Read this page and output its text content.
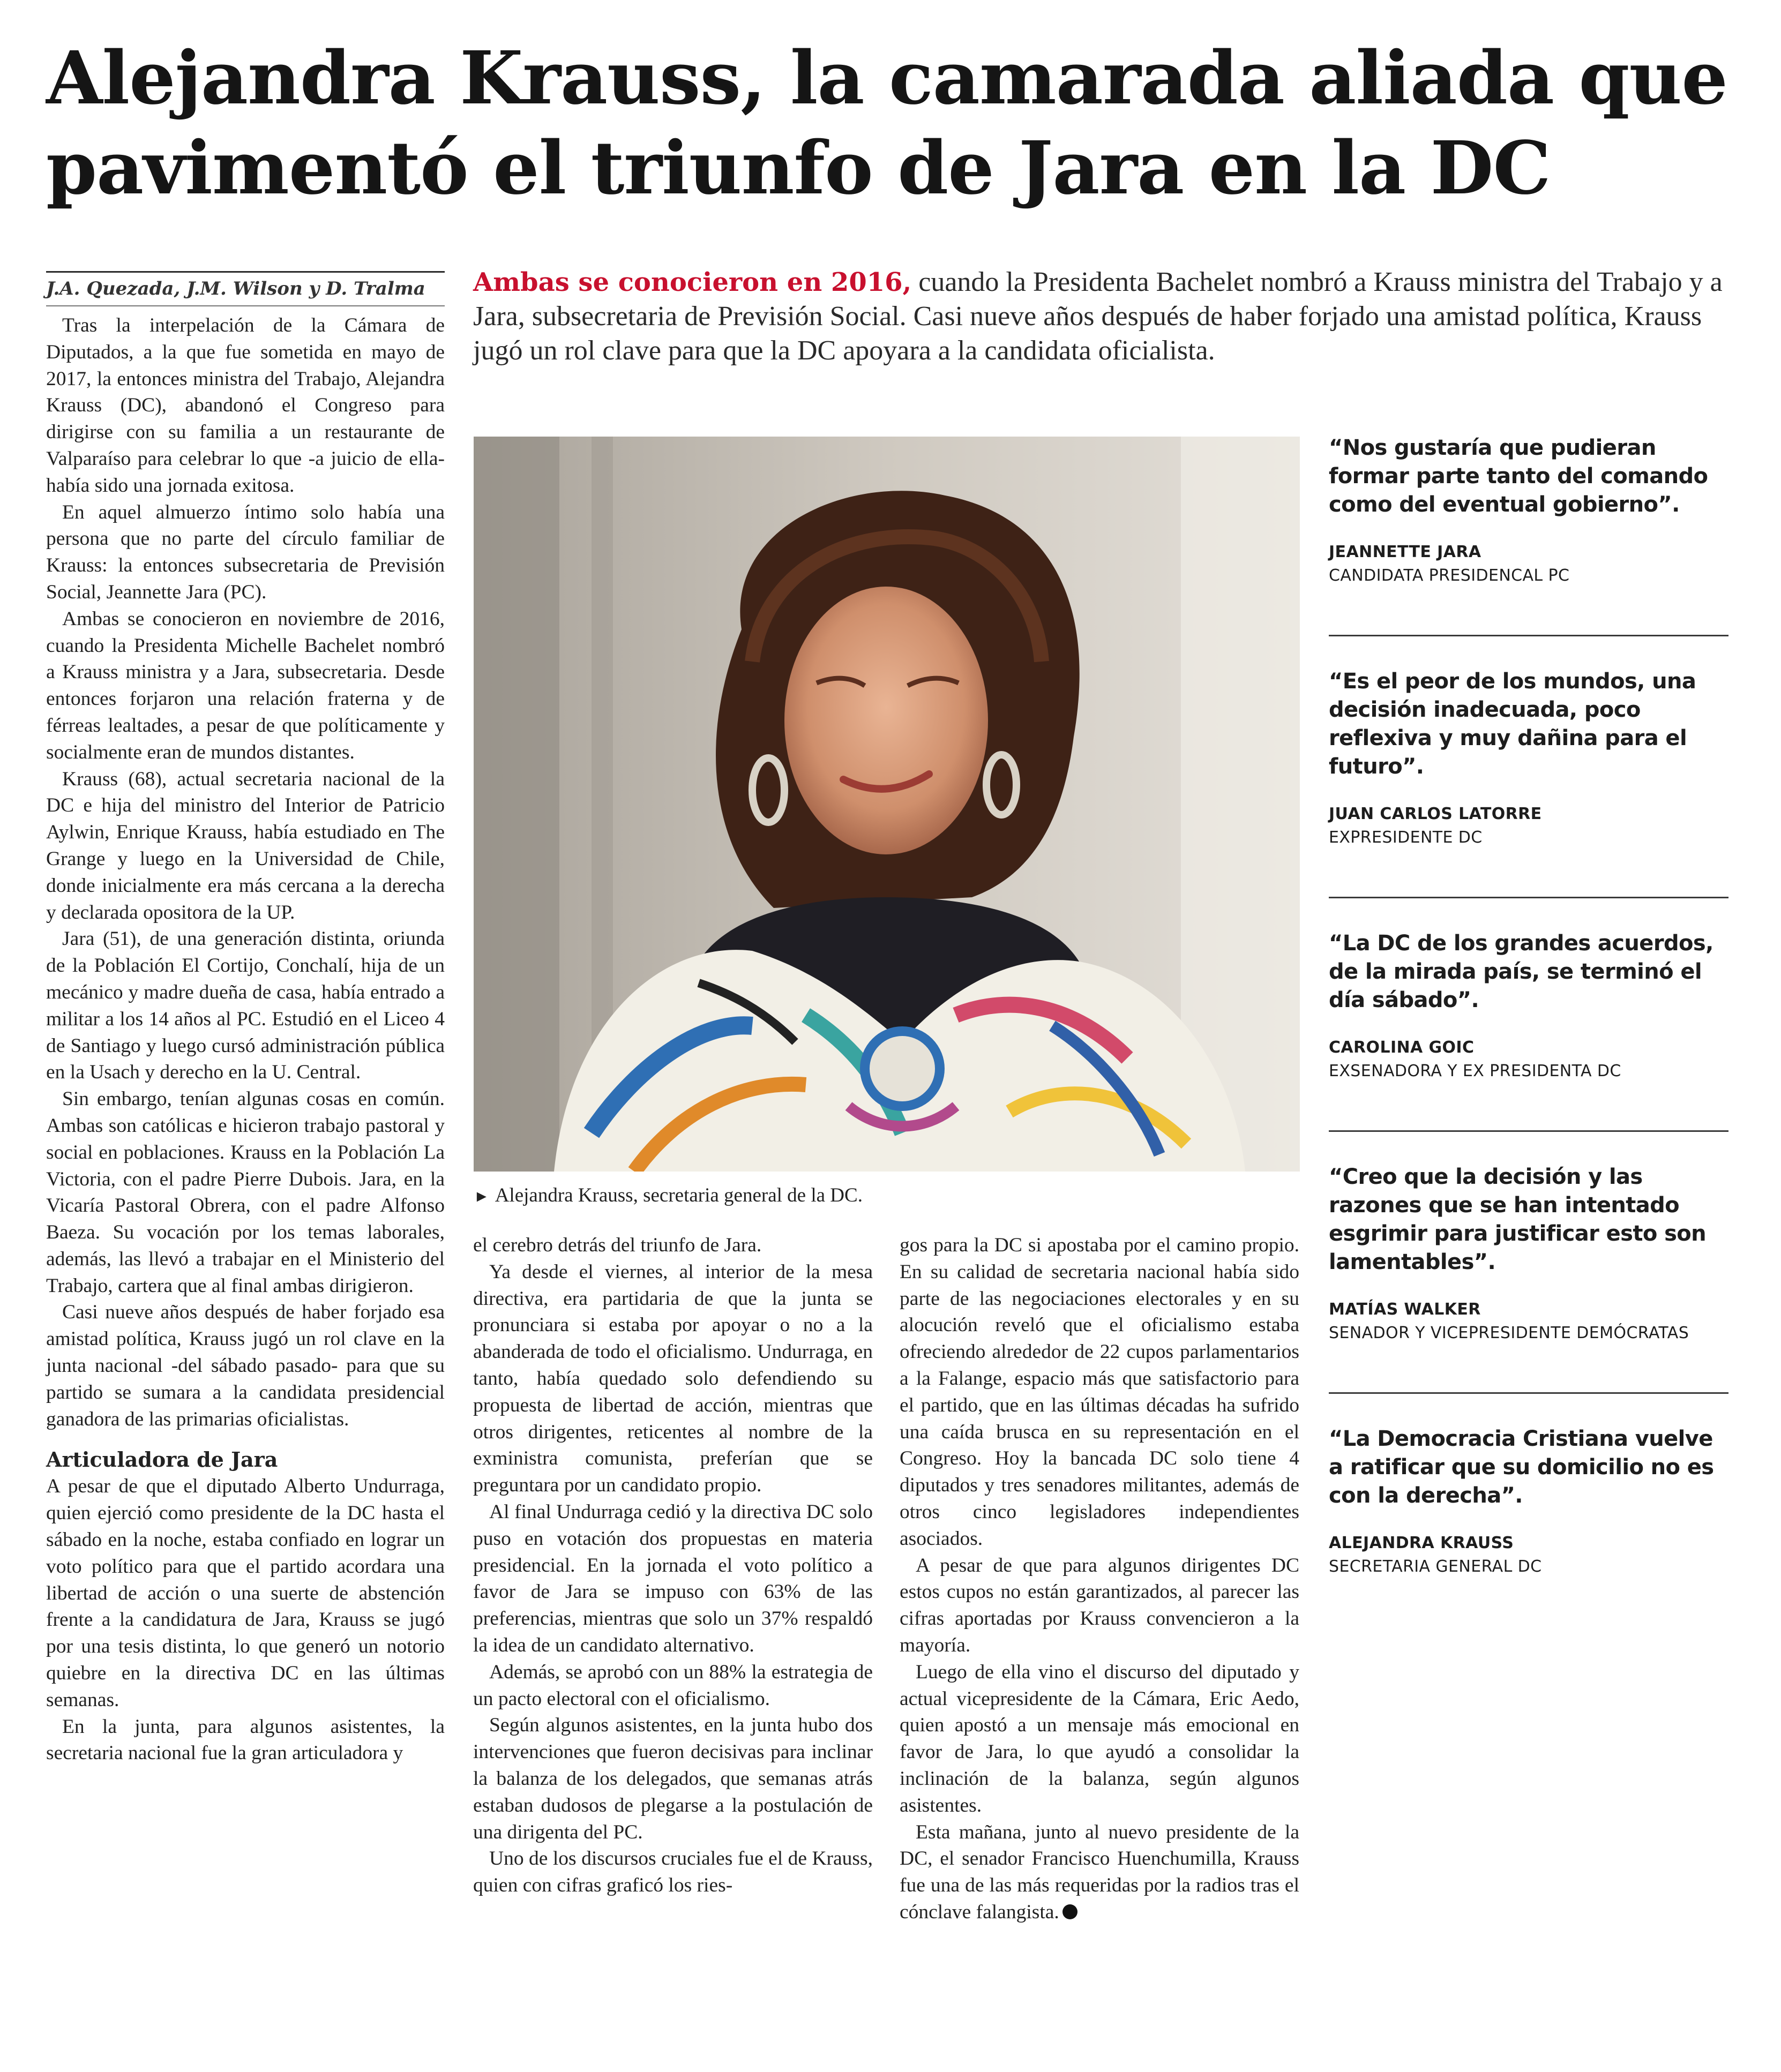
Alejandra Krauss, la camarada aliada que pavimentó el triunfo de Jara en la DC

J.A. Quezada, J.M. Wilson y D. Tralma	Ambas se conocieron en 2016, cuando la Presidenta Bachelet nombró a Krauss ministra del Trabajo y a Jara, subsecretaria de Previsión Social. Casi nueve años después de haber forjado una amistad política, Krauss jugó un rol clave para que la DC apoyara a la candidata oficialista.

Tras la interpelación de la Cámara de Diputados, a la que fue sometida en mayo de 2017, la entonces ministra del Trabajo, Alejandra Krauss (DC), abandonó el Congreso para dirigirse con su familia a un restaurante de Valparaíso para celebrar lo que -a juicio de ella- había sido una jornada exitosa.

En aquel almuerzo íntimo solo había una persona que no parte del círculo familiar de Krauss: la entonces subsecretaria de Previsión Social, Jeannette Jara (PC).

Ambas se conocieron en noviembre de 2016, cuando la Presidenta Michelle Bachelet nombró a Krauss ministra y a Jara, subsecretaria. Desde entonces forjaron una relación fraterna y de férreas lealtades, a pesar de que políticamente y socialmente eran de mundos distantes.

Krauss (68), actual secretaria nacional de la DC e hija del ministro del Interior de Patricio Aylwin, Enrique Krauss, había estudiado en The Grange y luego en la Universidad de Chile, donde inicialmente era más cercana a la derecha y declarada opositora de la UP.

Jara (51), de una generación distinta, oriunda de la Población El Cortijo, Conchalí, hija de un mecánico y madre dueña de casa, había entrado a militar a los 14 años al PC. Estudió en el Liceo 4 de Santiago y luego cursó administración pública en la Usach y derecho en la U. Central.

Sin embargo, tenían algunas cosas en común. Ambas son católicas e hicieron trabajo pastoral y social en poblaciones. Krauss en la Población La Victoria, con el padre Pierre Dubois. Jara, en la Vicaría Pastoral Obrera, con el padre Alfonso Baeza. Su vocación por los temas laborales, además, las llevó a trabajar en el Ministerio del Trabajo, cartera que al final ambas dirigieron.

Casi nueve años después de haber forjado esa amistad política, Krauss jugó un rol clave en la junta nacional -del sábado pasado- para que su partido se sumara a la candidata presidencial ganadora de las primarias oficialistas.

Articuladora de Jara

A pesar de que el diputado Alberto Undurraga, quien ejerció como presidente de la DC hasta el sábado en la noche, estaba confiado en lograr un voto político para que el partido acordara una libertad de acción o una suerte de abstención frente a la candidatura de Jara, Krauss se jugó por una tesis distinta, lo que generó un notorio quiebre en la directiva DC en las últimas semanas.

En la junta, para algunos asistentes, la secretaria nacional fue la gran articuladora y

► Alejandra Krauss, secretaria general de la DC.

el cerebro detrás del triunfo de Jara.

Ya desde el viernes, al interior de la mesa directiva, era partidaria de que la junta se pronunciara si estaba por apoyar o no a la abanderada de todo el oficialismo. Undurraga, en tanto, había quedado solo defendiendo su propuesta de libertad de acción, mientras que otros dirigentes, reticentes al nombre de la exministra comunista, preferían que se preguntara por un candidato propio.

Al final Undurraga cedió y la directiva DC solo puso en votación dos propuestas en materia presidencial. En la jornada el voto político a favor de Jara se impuso con 63% de las preferencias, mientras que solo un 37% respaldó la idea de un candidato alternativo.

Además, se aprobó con un 88% la estrategia de un pacto electoral con el oficialismo.

Según algunos asistentes, en la junta hubo dos intervenciones que fueron decisivas para inclinar la balanza de los delegados, que semanas atrás estaban dudosos de plegarse a la postulación de una dirigenta del PC.

Uno de los discursos cruciales fue el de Krauss, quien con cifras graficó los ries-

gos para la DC si apostaba por el camino propio. En su calidad de secretaria nacional había sido parte de las negociaciones electorales y en su alocución reveló que el oficialismo estaba ofreciendo alrededor de 22 cupos parlamentarios a la Falange, espacio más que satisfactorio para el partido, que en las últimas décadas ha sufrido una caída brusca en su representación en el Congreso. Hoy la bancada DC solo tiene 4 diputados y tres senadores militantes, además de otros cinco legisladores independientes asociados.

A pesar de que para algunos dirigentes DC estos cupos no están garantizados, al parecer las cifras aportadas por Krauss convencieron a la mayoría.

Luego de ella vino el discurso del diputado y actual vicepresidente de la Cámara, Eric Aedo, quien apostó a un mensaje más emocional en favor de Jara, lo que ayudó a consolidar la inclinación de la balanza, según algunos asistentes.

Esta mañana, junto al nuevo presidente de la DC, el senador Francisco Huenchumilla, Krauss fue una de las más requeridas por la radios tras el cónclave falangista.

“Nos gustaría que pudieran formar parte tanto del comando como del eventual gobierno”.

JEANNETTE JARA

CANDIDATA PRESIDENCAL PC

“Es el peor de los mundos, una decisión inadecuada, poco reflexiva y muy dañina para el futuro”.

JUAN CARLOS LATORRE

EXPRESIDENTE DC

“La DC de los grandes acuerdos, de la mirada país, se terminó el día sábado”.

CAROLINA GOIC

EXSENADORA Y EX PRESIDENTA DC

“Creo que la decisión y las razones que se han intentado esgrimir para justificar esto son lamentables”.

MATÍAS WALKER

SENADOR Y VICEPRESIDENTE DEMÓCRATAS

“La Democracia Cristiana vuelve a ratificar que su domicilio no es con la derecha”.

ALEJANDRA KRAUSS

SECRETARIA GENERAL DC
